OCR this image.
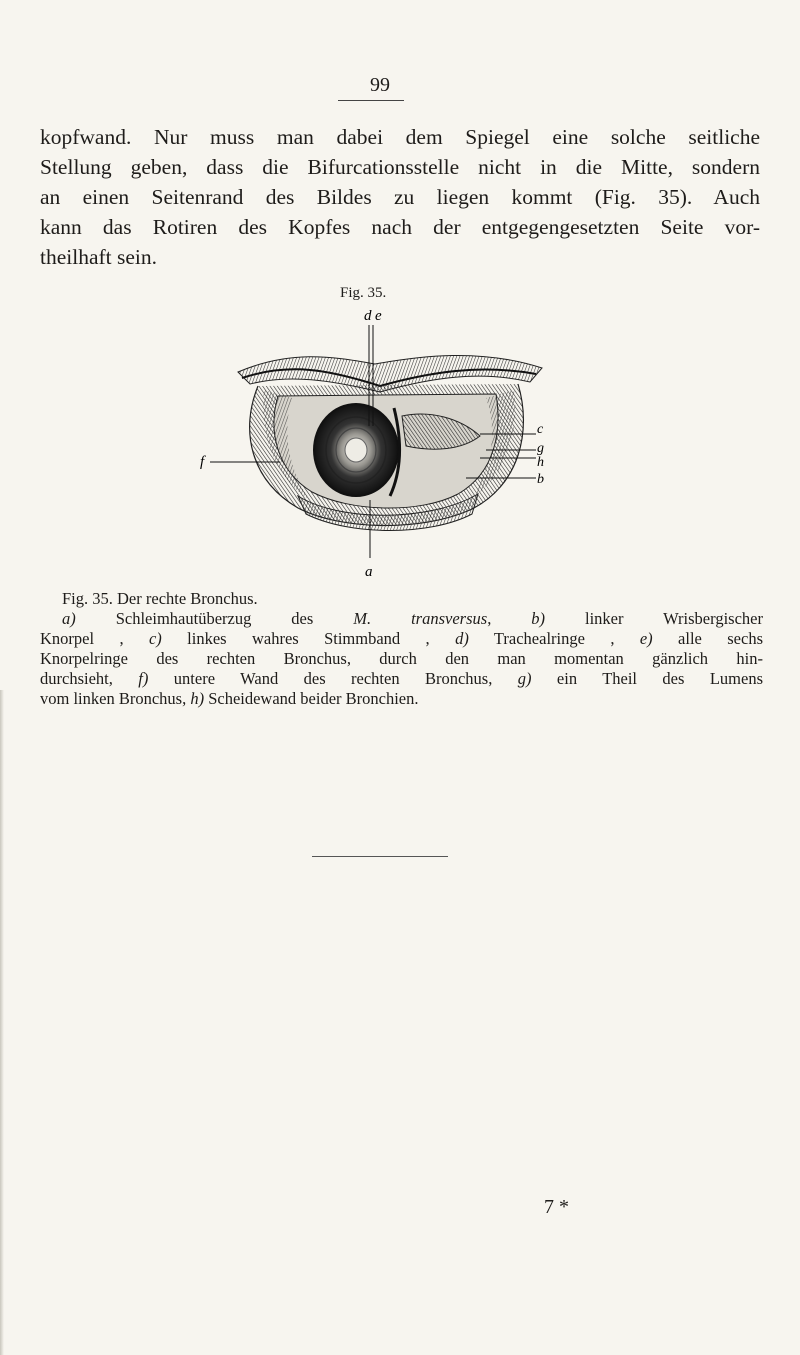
99
kopfwand. Nur muss man dabei dem Spiegel eine solche seitliche
Stellung geben, dass die Bifurcationsstelle nicht in die Mitte, sondern
an einen Seitenrand des Bildes zu liegen kommt (Fig. 35). Auch
kann das Rotiren des Kopfes nach der entgegengesetzten Seite vor-
theilhaft sein.
Fig. 35.
d e
a
f
c
g
h
b
Fig. 35. Der rechte Bronchus.
a) Schleimhautüberzug des M. transversus, b) linker Wrisbergischer
Knorpel , c) linkes wahres Stimmband , d) Trachealringe , e) alle sechs
Knorpelringe des rechten Bronchus, durch den man momentan gänzlich hin-
durchsieht, f) untere Wand des rechten Bronchus, g) ein Theil des Lumens
vom linken Bronchus, h) Scheidewand beider Bronchien.
7 *
